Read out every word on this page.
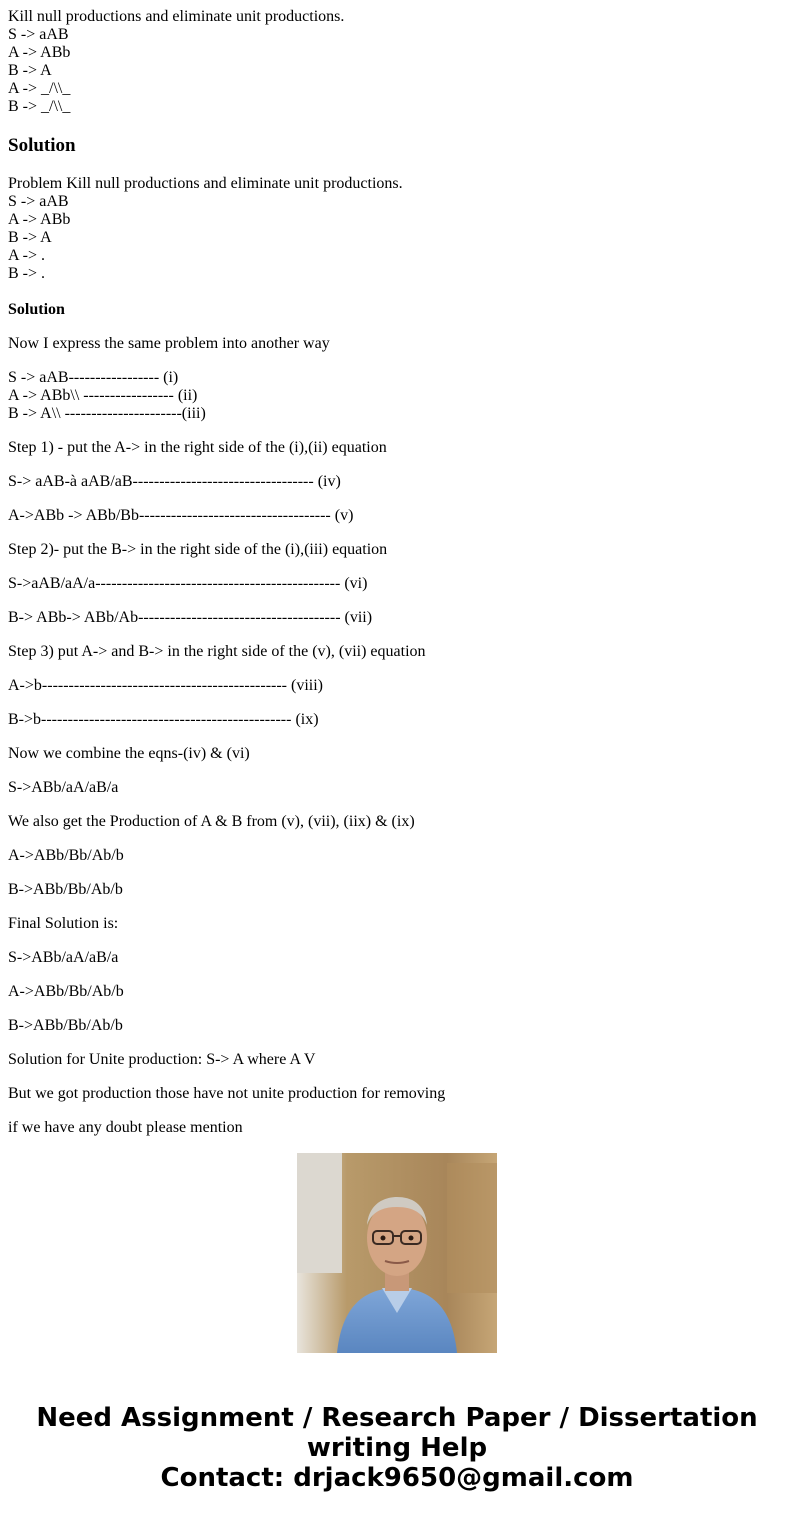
Kill null productions and eliminate unit productions.
S -> aAB
A -> ABb
B -> A
A -> _/\\_
B -> _/\\_
Solution
Problem Kill null productions and eliminate unit productions.
S -> aAB
A -> ABb
B -> A
A -> .
B -> .
Solution
Now I express the same problem into another way
S -> aAB----------------- (i)
A -> ABb\\ ----------------- (ii)
B -> A\\ ----------------------(iii)
Step 1) - put the A-> in the right side of the (i),(ii) equation
S-> aAB-à aAB/aB---------------------------------- (iv)
A->ABb -> ABb/Bb------------------------------------ (v)
Step 2)- put the B-> in the right side of the (i),(iii) equation
S->aAB/aA/a---------------------------------------------- (vi)
B-> ABb-> ABb/Ab-------------------------------------- (vii)
Step 3) put A-> and B-> in the right side of the (v), (vii) equation
A->b---------------------------------------------- (viii)
B->b----------------------------------------------- (ix)
Now we combine the eqns-(iv) & (vi)
S->ABb/aA/aB/a
We also get the Production of A & B from (v), (vii), (iix) & (ix)
A->ABb/Bb/Ab/b
B->ABb/Bb/Ab/b
Final Solution is:
S->ABb/aA/aB/a
A->ABb/Bb/Ab/b
B->ABb/Bb/Ab/b
Solution for Unite production: S-> A where A V
But we got production those have not unite production for removing
if we have any doubt please mention
Need Assignment / Research Paper / Dissertation
writing Help
Contact: drjack9650@gmail.com
